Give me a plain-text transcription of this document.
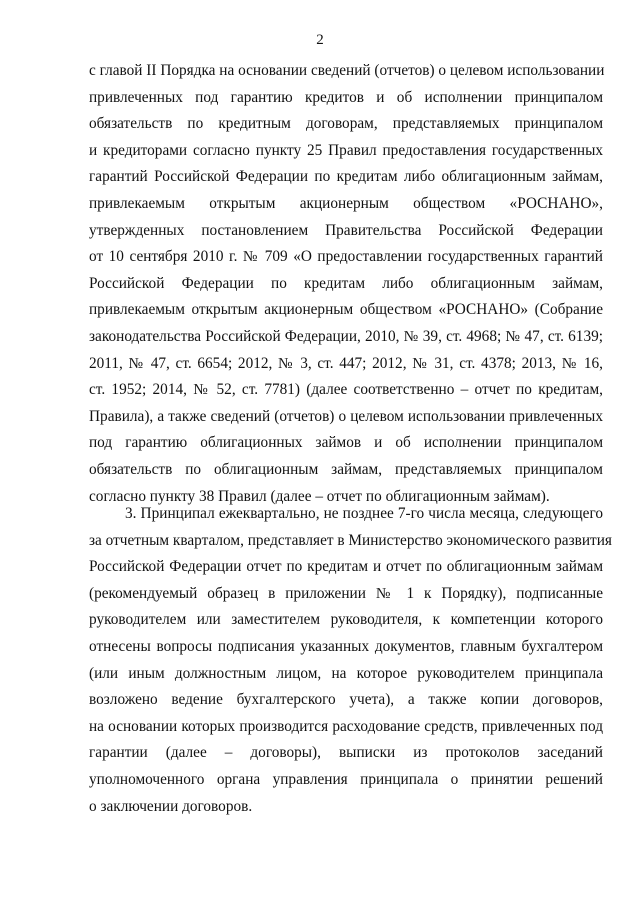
2
с главой II Порядка на основании сведений (отчетов) о целевом использовании
привлеченных под гарантию кредитов и об исполнении принципалом
обязательств по кредитным договорам, представляемых принципалом
и кредиторами согласно пункту 25 Правил предоставления государственных
гарантий Российской Федерации по кредитам либо облигационным займам,
привлекаемым открытым акционерным обществом «РОСНАНО»,
утвержденных постановлением Правительства Российской Федерации
от 10 сентября 2010 г. № 709 «О предоставлении государственных гарантий
Российской Федерации по кредитам либо облигационным займам,
привлекаемым открытым акционерным обществом «РОСНАНО» (Собрание
законодательства Российской Федерации, 2010, № 39, ст. 4968; № 47, ст. 6139;
2011, № 47, ст. 6654; 2012, № 3, ст. 447; 2012, № 31, ст. 4378; 2013, № 16,
ст. 1952; 2014, № 52, ст. 7781) (далее соответственно – отчет по кредитам,
Правила), а также сведений (отчетов) о целевом использовании привлеченных
под гарантию облигационных займов и об исполнении принципалом
обязательств по облигационным займам, представляемых принципалом
согласно пункту 38 Правил (далее – отчет по облигационным займам).
3. Принципал ежеквартально, не позднее 7-го числа месяца, следующего
за отчетным кварталом, представляет в Министерство экономического развития
Российской Федерации отчет по кредитам и отчет по облигационным займам
(рекомендуемый образец в приложении № 1 к Порядку), подписанные
руководителем или заместителем руководителя, к компетенции которого
отнесены вопросы подписания указанных документов, главным бухгалтером
(или иным должностным лицом, на которое руководителем принципала
возложено ведение бухгалтерского учета), а также копии договоров,
на основании которых производится расходование средств, привлеченных под
гарантии (далее – договоры), выписки из протоколов заседаний
уполномоченного органа управления принципала о принятии решений
о заключении договоров.
